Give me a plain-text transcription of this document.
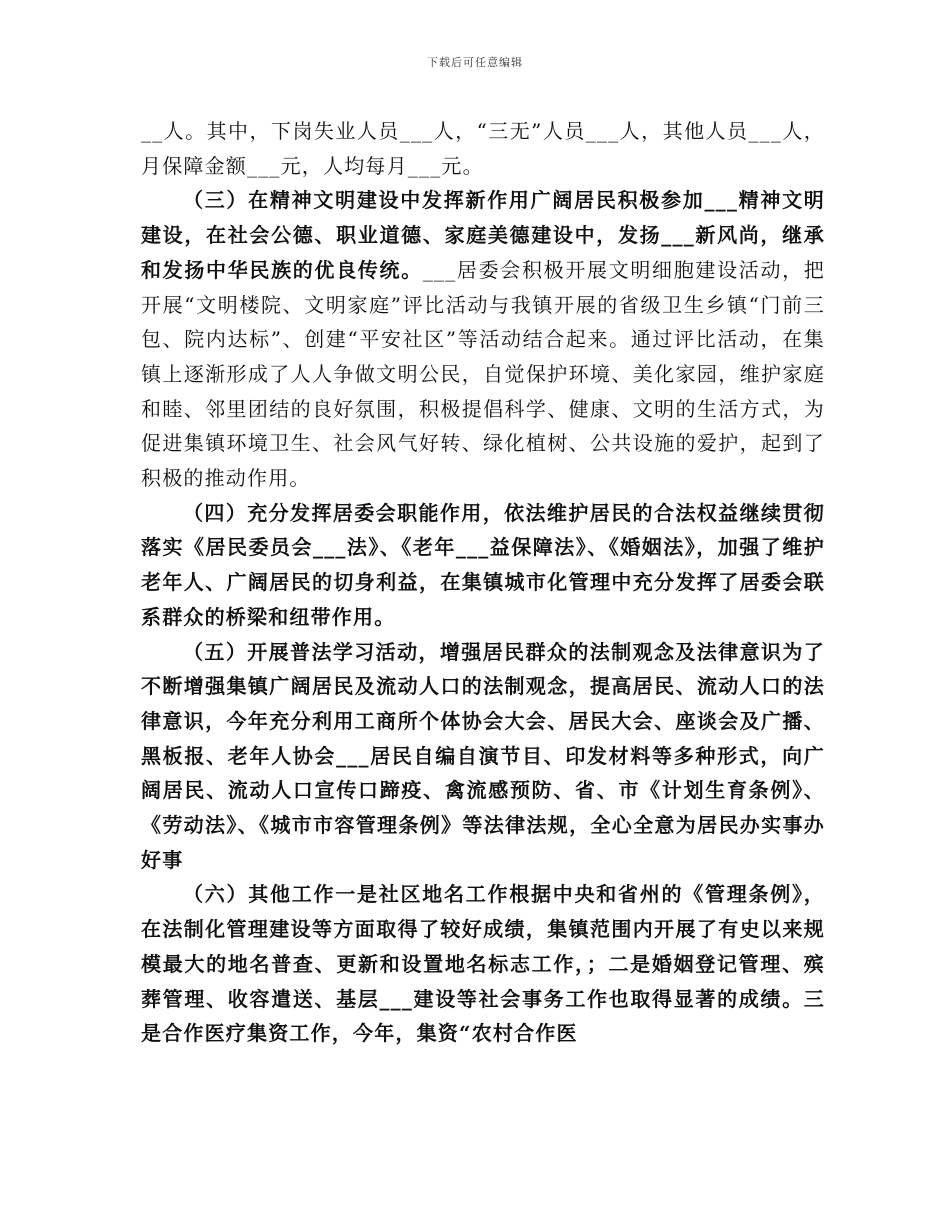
下载后可任意编辑

__人。其中，下岗失业人员___人，“三无”人员___人，其他人员___人，月保障金额___元，人均每月___元。

（三）在精神文明建设中发挥新作用广阔居民积极参加___精神文明建设，在社会公德、职业道德、家庭美德建设中，发扬___新风尚，继承和发扬中华民族的优良传统。___居委会积极开展文明细胞建设活动，把开展“文明楼院、文明家庭”评比活动与我镇开展的省级卫生乡镇“门前三包、院内达标”、创建“平安社区”等活动结合起来。通过评比活动，在集镇上逐渐形成了人人争做文明公民，自觉保护环境、美化家园，维护家庭和睦、邻里团结的良好氛围，积极提倡科学、健康、文明的生活方式，为促进集镇环境卫生、社会风气好转、绿化植树、公共设施的爱护，起到了积极的推动作用。

（四）充分发挥居委会职能作用，依法维护居民的合法权益继续贯彻落实《居民委员会___法》、《老年___益保障法》、《婚姻法》，加强了维护老年人、广阔居民的切身利益，在集镇城市化管理中充分发挥了居委会联系群众的桥梁和纽带作用。

（五）开展普法学习活动，增强居民群众的法制观念及法律意识为了不断增强集镇广阔居民及流动人口的法制观念，提高居民、流动人口的法律意识，今年充分利用工商所个体协会大会、居民大会、座谈会及广播、黑板报、老年人协会___居民自编自演节目、印发材料等多种形式，向广阔居民、流动人口宣传口蹄疫、禽流感预防、省、市《计划生育条例》、《劳动法》、《城市市容管理条例》等法律法规，全心全意为居民办实事办好事

（六）其他工作一是社区地名工作根据中央和省州的《管理条例》，在法制化管理建设等方面取得了较好成绩，集镇范围内开展了有史以来规模最大的地名普查、更新和设置地名标志工作，；二是婚姻登记管理、殡葬管理、收容遣送、基层___建设等社会事务工作也取得显著的成绩。三是合作医疗集资工作，今年，集资“农村合作医
